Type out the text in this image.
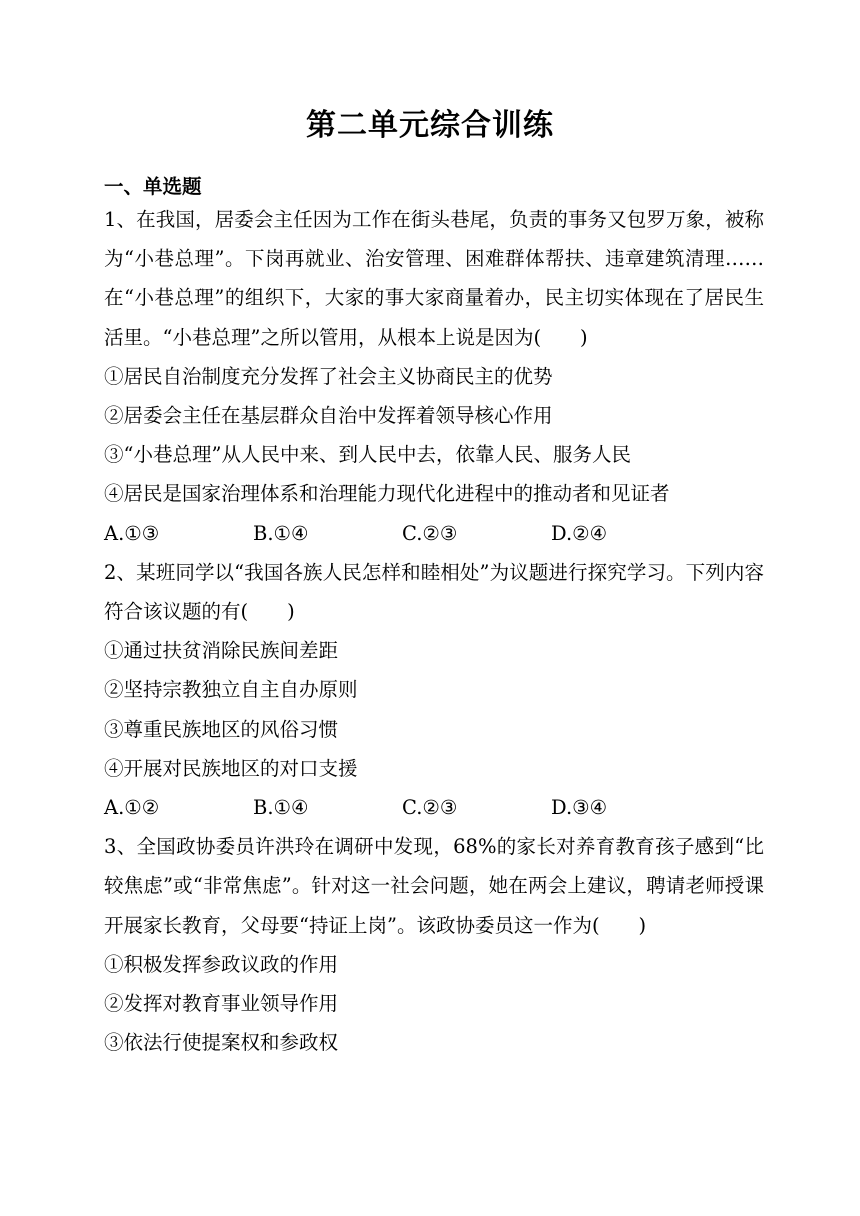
第二单元综合训练
一、单选题
1、在我国，居委会主任因为工作在街头巷尾，负责的事务又包罗万象，被称为“小巷总理”。下岗再就业、治安管理、困难群体帮扶、违章建筑清理……在“小巷总理”的组织下，大家的事大家商量着办，民主切实体现在了居民生活里。“小巷总理”之所以管用，从根本上说是因为(　　)
①居民自治制度充分发挥了社会主义协商民主的优势
②居委会主任在基层群众自治中发挥着领导核心作用
③“小巷总理”从人民中来、到人民中去，依靠人民、服务人民
④居民是国家治理体系和治理能力现代化进程中的推动者和见证者
A.①③	B.①④	C.②③	D.②④
2、某班同学以“我国各族人民怎样和睦相处”为议题进行探究学习。下列内容符合该议题的有(　　)
①通过扶贫消除民族间差距
②坚持宗教独立自主自办原则
③尊重民族地区的风俗习惯
④开展对民族地区的对口支援
A.①②	B.①④	C.②③	D.③④
3、全国政协委员许洪玲在调研中发现，68%的家长对养育教育孩子感到“比较焦虑”或“非常焦虑”。针对这一社会问题，她在两会上建议，聘请老师授课开展家长教育，父母要“持证上岗”。该政协委员这一作为(　　)
①积极发挥参政议政的作用
②发挥对教育事业领导作用
③依法行使提案权和参政权
